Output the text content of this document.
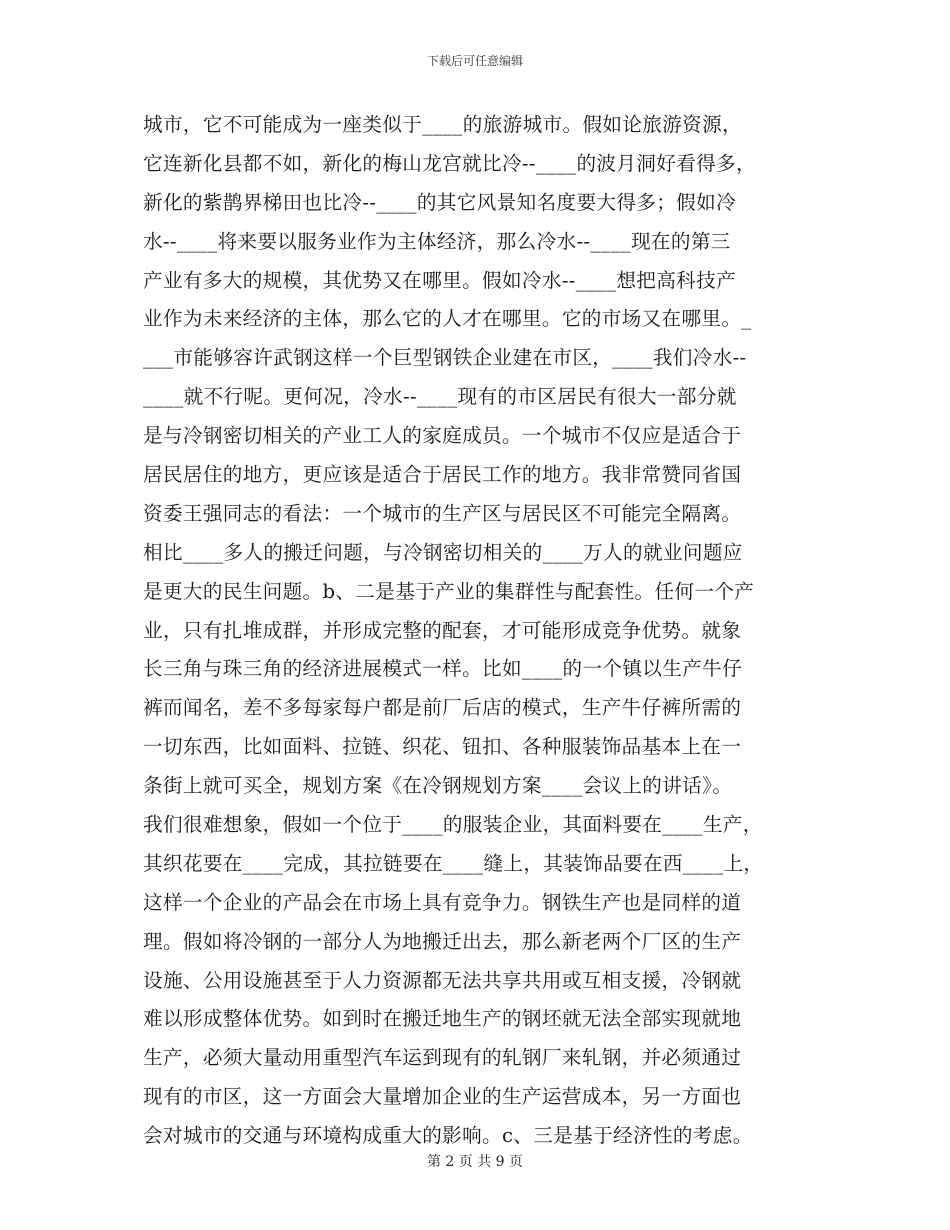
下载后可任意编辑
城市，它不可能成为一座类似于____的旅游城市。假如论旅游资源，
它连新化县都不如，新化的梅山龙宫就比冷--____的波月洞好看得多，
新化的紫鹊界梯田也比冷--____的其它风景知名度要大得多；假如冷
水--____将来要以服务业作为主体经济，那么冷水--____现在的第三
产业有多大的规模，其优势又在哪里。假如冷水--____想把高科技产
业作为未来经济的主体，那么它的人才在哪里。它的市场又在哪里。_
___市能够容许武钢这样一个巨型钢铁企业建在市区，____我们冷水--
____就不行呢。更何况，冷水--____现有的市区居民有很大一部分就
是与冷钢密切相关的产业工人的家庭成员。一个城市不仅应是适合于
居民居住的地方，更应该是适合于居民工作的地方。我非常赞同省国
资委王强同志的看法：一个城市的生产区与居民区不可能完全隔离。
相比____多人的搬迁问题，与冷钢密切相关的____万人的就业问题应
是更大的民生问题。b、二是基于产业的集群性与配套性。任何一个产
业，只有扎堆成群，并形成完整的配套，才可能形成竞争优势。就象
长三角与珠三角的经济进展模式一样。比如____的一个镇以生产牛仔
裤而闻名，差不多每家每户都是前厂后店的模式，生产牛仔裤所需的
一切东西，比如面料、拉链、织花、钮扣、各种服装饰品基本上在一
条街上就可买全，规划方案《在冷钢规划方案____会议上的讲话》。
我们很难想象，假如一个位于____的服装企业，其面料要在____生产，
其织花要在____完成，其拉链要在____缝上，其装饰品要在西____上，
这样一个企业的产品会在市场上具有竞争力。钢铁生产也是同样的道
理。假如将冷钢的一部分人为地搬迁出去，那么新老两个厂区的生产
设施、公用设施甚至于人力资源都无法共享共用或互相支援，冷钢就
难以形成整体优势。如到时在搬迁地生产的钢坯就无法全部实现就地
生产，必须大量动用重型汽车运到现有的轧钢厂来轧钢，并必须通过
现有的市区，这一方面会大量增加企业的生产运营成本，另一方面也
会对城市的交通与环境构成重大的影响。c、三是基于经济性的考虑。
第 2 页 共 9 页
